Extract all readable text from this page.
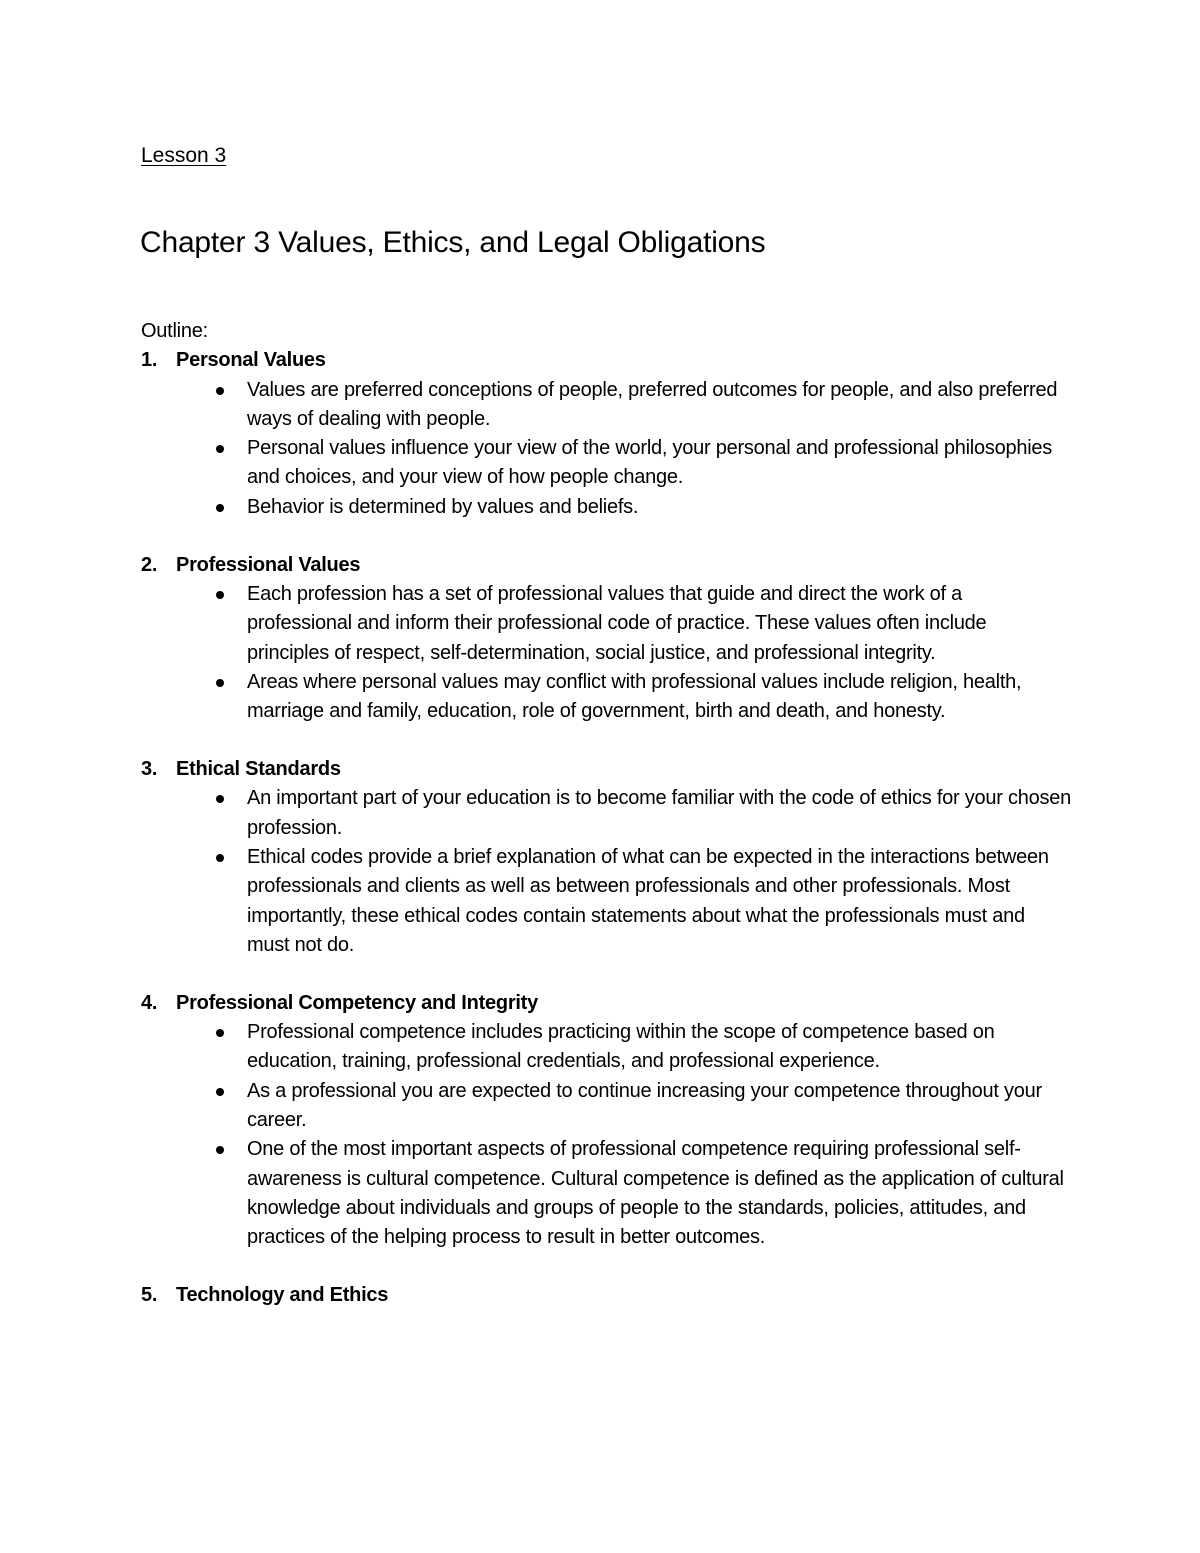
Lesson 3
Chapter 3 Values, Ethics, and Legal Obligations
Outline:
1. Personal Values
Values are preferred conceptions of people, preferred outcomes for people, and also preferred ways of dealing with people.
Personal values influence your view of the world, your personal and professional philosophies and choices, and your view of how people change.
Behavior is determined by values and beliefs.
2. Professional Values
Each profession has a set of professional values that guide and direct the work of a professional and inform their professional code of practice. These values often include principles of respect, self-determination, social justice, and professional integrity.
Areas where personal values may conflict with professional values include religion, health, marriage and family, education, role of government, birth and death, and honesty.
3. Ethical Standards
An important part of your education is to become familiar with the code of ethics for your chosen profession.
Ethical codes provide a brief explanation of what can be expected in the interactions between professionals and clients as well as between professionals and other professionals. Most importantly, these ethical codes contain statements about what the professionals must and must not do.
4. Professional Competency and Integrity
Professional competence includes practicing within the scope of competence based on education, training, professional credentials, and professional experience.
As a professional you are expected to continue increasing your competence throughout your career.
One of the most important aspects of professional competence requiring professional self-awareness is cultural competence. Cultural competence is defined as the application of cultural knowledge about individuals and groups of people to the standards, policies, attitudes, and practices of the helping process to result in better outcomes.
5. Technology and Ethics
